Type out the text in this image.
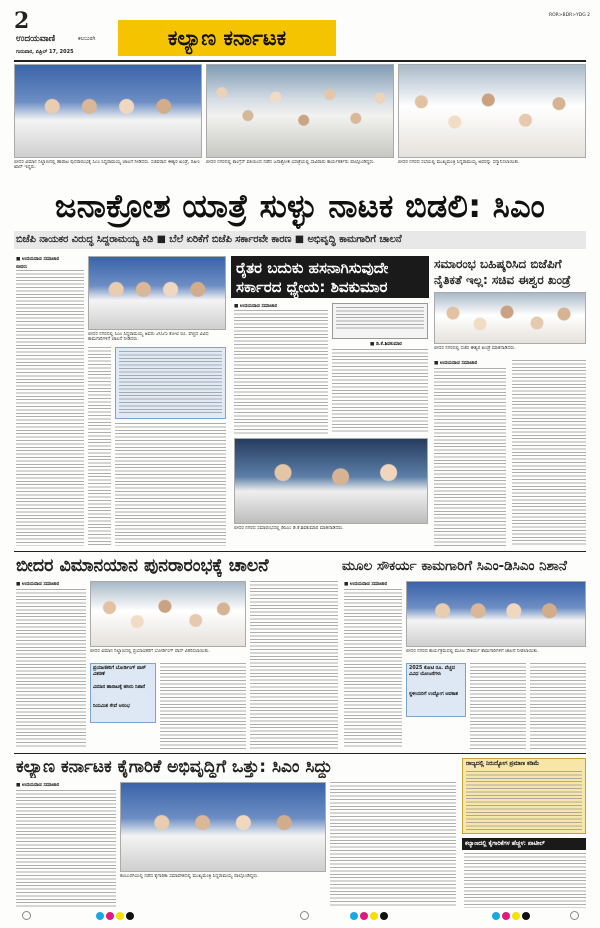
2
ಉದಯವಾಣಿ	ಕಲಬುರಗಿ
ಗುರುವಾರ, ಏಪ್ರಿಲ್ 17, 2025
ಕಲ್ಯಾಣ ಕರ್ನಾಟಕ
ROR>BDR>YDG 2
ಬೀದರ ವಿಮಾನ ನಿಲ್ದಾಣದಲ್ಲಿ ಹಾರಾಟ ಪುನರಾರಂಭಕ್ಕೆ ಸಿಎಂ ಸಿದ್ದರಾಮಯ್ಯ ಚಾಲನೆ ನೀಡಿದರು. ಸಚಿವರಾದ ಈಶ್ವರ ಖಂಡ್ರೆ, ರಹೀಂ ಖಾನ್ ಇದ್ದರು.
ಬೀದರ ನಗರದಲ್ಲಿ ಕಾಂಗ್ರೆಸ್ ವತಿಯಿಂದ ನಡೆದ ಜನಾಕ್ರೋಶ ಯಾತ್ರೆಯಲ್ಲಿ ಸಾವಿರಾರು ಕಾರ್ಯಕರ್ತರು ಪಾಲ್ಗೊಂಡಿದ್ದರು.	ಬೀದರ ನಗರದ ಸಭೆಯಲ್ಲಿ ಮುಖ್ಯಮಂತ್ರಿ ಸಿದ್ದರಾಮಯ್ಯ ಅವರನ್ನು ಸನ್ಮಾನಿಸಲಾಯಿತು.
ಜನಾಕ್ರೋಶ ಯಾತ್ರೆ ಸುಳ್ಳು ನಾಟಕ ಬಿಡಲಿ: ಸಿಎಂ
ಬಿಜೆಪಿ ನಾಯಕರ ವಿರುದ್ಧ ಸಿದ್ದರಾಮಯ್ಯ ಕಿಡಿ ■ ಬೆಲೆ ಏರಿಕೆಗೆ ಬಿಜೆಪಿ ಸರ್ಕಾರವೇ ಕಾರಣ ■ ಅಭಿವೃದ್ಧಿ ಕಾಮಗಾರಿಗೆ ಚಾಲನೆ
■ ಉದಯವಾಣಿ ಸಮಾಚಾರ
ಬೀದರ:
ಬೀದರ ನಗರದಲ್ಲಿ ಸಿಎಂ ಸಿದ್ದರಾಮಯ್ಯ ಅವರು 2025 ಕೋಟಿ ರೂ. ವೆಚ್ಚದ ವಿವಿಧ ಕಾಮಗಾರಿಗಳಿಗೆ ಚಾಲನೆ ನೀಡಿದರು.
ರೈತರ ಬದುಕು ಹಸನಾಗಿಸುವುದೇ
ಸರ್ಕಾರದ ಧ್ಯೇಯ: ಶಿವಕುಮಾರ
■ ಉದಯವಾಣಿ ಸಮಾಚಾರ
■ ಡಿ.ಕೆ.ಶಿವಕುಮಾರ
ಬೀದರ ನಗರದ ಸಮಾರಂಭದಲ್ಲಿ ಡಿಸಿಎಂ ಡಿ.ಕೆ.ಶಿವಕುಮಾರ ಮಾತನಾಡಿದರು.
ಸಮಾರಂಭ ಬಹಿಷ್ಕರಿಸಿದ ಬಿಜೆಪಿಗೆ
ನೈತಿಕತೆ ಇಲ್ಲ: ಸಚಿವ ಈಶ್ವರ ಖಂಡ್ರೆ
ಬೀದರ ನಗರದಲ್ಲಿ ಸಚಿವ ಈಶ್ವರ ಖಂಡ್ರೆ ಮಾತನಾಡಿದರು.
■ ಉದಯವಾಣಿ ಸಮಾಚಾರ
ಬೀದರ ವಿಮಾನಯಾನ ಪುನರಾರಂಭಕ್ಕೆ ಚಾಲನೆ
■ ಉದಯವಾಣಿ ಸಮಾಚಾರ
ಬೀದರ ವಿಮಾನ ನಿಲ್ದಾಣದಲ್ಲಿ ಪ್ರಯಾಣಿಕರಿಗೆ ಬೋರ್ಡಿಂಗ್ ಪಾಸ್ ವಿತರಿಸಲಾಯಿತು.
ಪ್ರಯಾಣಿಕರಿಗೆ ಬೋರ್ಡಿಂಗ್ ಪಾಸ್ ವಿತರಣೆ
ವಿಮಾನ ಹಾರಾಟಕ್ಕೆ ಹಸಿರು ನಿಶಾನೆ
ನಿಯಮಿತ ಸೇವೆ ಆರಂಭ
ಮೂಲ ಸೌಕರ್ಯ ಕಾಮಗಾರಿಗೆ ಸಿಎಂ-ಡಿಸಿಎಂ ನಿಶಾನೆ
■ ಉದಯವಾಣಿ ಸಮಾಚಾರ
ಬೀದರ ನಗರದ ಕಾರ್ಯಕ್ರಮದಲ್ಲಿ ಮೂಲ ಸೌಕರ್ಯ ಕಾಮಗಾರಿಗಳಿಗೆ ಚಾಲನೆ ನೀಡಲಾಯಿತು.
2025 ಕೋಟಿ ರೂ. ವೆಚ್ಚದ ವಿವಿಧ ಯೋಜನೆಗಳು
ಸ್ಥಳೀಯರಿಗೆ ಉದ್ಯೋಗ ಅವಕಾಶ
ಕಲ್ಯಾಣ ಕರ್ನಾಟಕ ಕೈಗಾರಿಕೆ ಅಭಿವೃದ್ಧಿಗೆ ಒತ್ತು: ಸಿಎಂ ಸಿದ್ದು
■ ಉದಯವಾಣಿ ಸಮಾಚಾರ
ಕಲಬುರಗಿಯಲ್ಲಿ ನಡೆದ ಕೈಗಾರಿಕಾ ಸಮಾವೇಶದಲ್ಲಿ ಮುಖ್ಯಮಂತ್ರಿ ಸಿದ್ದರಾಮಯ್ಯ ಪಾಲ್ಗೊಂಡಿದ್ದರು.
ರಾಜ್ಯದಲ್ಲಿ ನಿರುದ್ಯೋಗ ಪ್ರಮಾಣ ಕಡಿಮೆ
ಕಲ್ಯಾಣದಲ್ಲಿ ಕೈಗಾರಿಕೆಗಳ ಹೆಚ್ಚಳ: ಪಾಟೀಲ್
